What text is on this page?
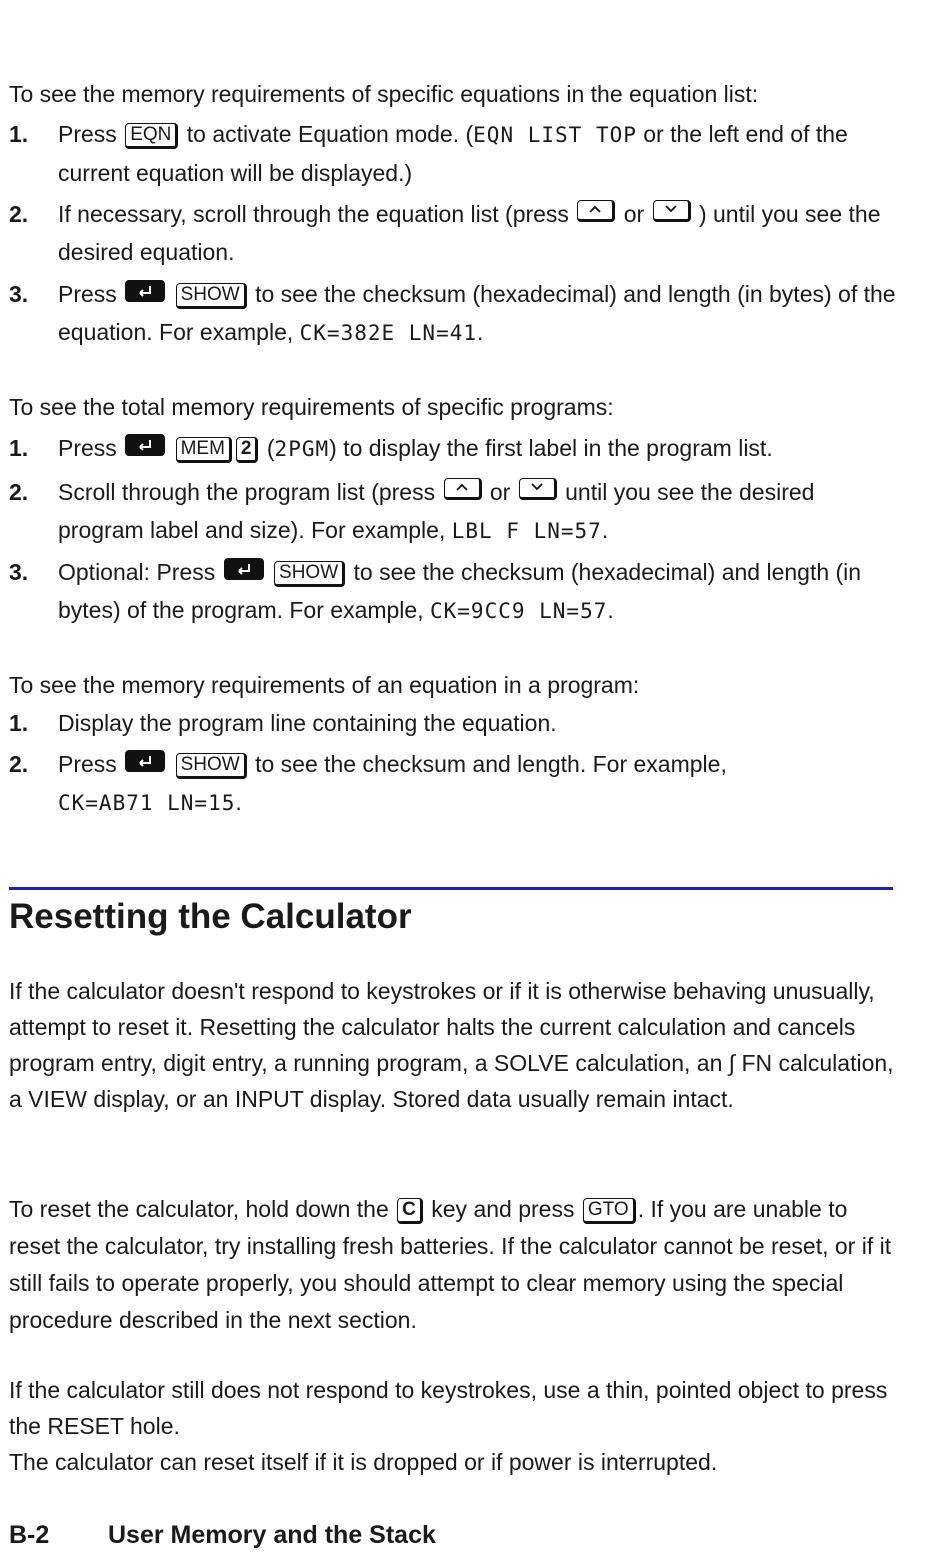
To see the memory requirements of specific equations in the equation list:

1. Press EQN to activate Equation mode. (EQN LIST TOP or the left end of the current equation will be displayed.)
2. If necessary, scroll through the equation list (press or ) until you see the desired equation.
3. Press	SHOW to see the checksum (hexadecimal) and length (in bytes) of the equation. For example, CK=382E LN=41.

To see the total memory requirements of specific programs:

1. Press	MEM 2 (2PGM) to display the first label in the program list.
2. Scroll through the program list (press or until you see the desired program label and size). For example, LBL F LN=57.
3. Optional: Press	SHOW to see the checksum (hexadecimal) and length (in bytes) of the program. For example, CK=9CC9 LN=57.

To see the memory requirements of an equation in a program:

1. Display the program line containing the equation.
2. Press	SHOW to see the checksum and length. For example,
CK=AB71 LN=15.
Resetting the Calculator

If the calculator doesn't respond to keystrokes or if it is otherwise behaving unusually, attempt to reset it. Resetting the calculator halts the current calculation and cancels program entry, digit entry, a running program, a SOLVE calculation, an ∫ FN calculation, a VIEW display, or an INPUT display. Stored data usually remain intact.

To reset the calculator, hold down the C key and press GTO . If you are unable to reset the calculator, try installing fresh batteries. If the calculator cannot be reset, or if it still fails to operate properly, you should attempt to clear memory using the special procedure described in the next section.

If the calculator still does not respond to keystrokes, use a thin, pointed object to press the RESET hole.

The calculator can reset itself if it is dropped or if power is interrupted.

B-2 User Memory and the Stack
